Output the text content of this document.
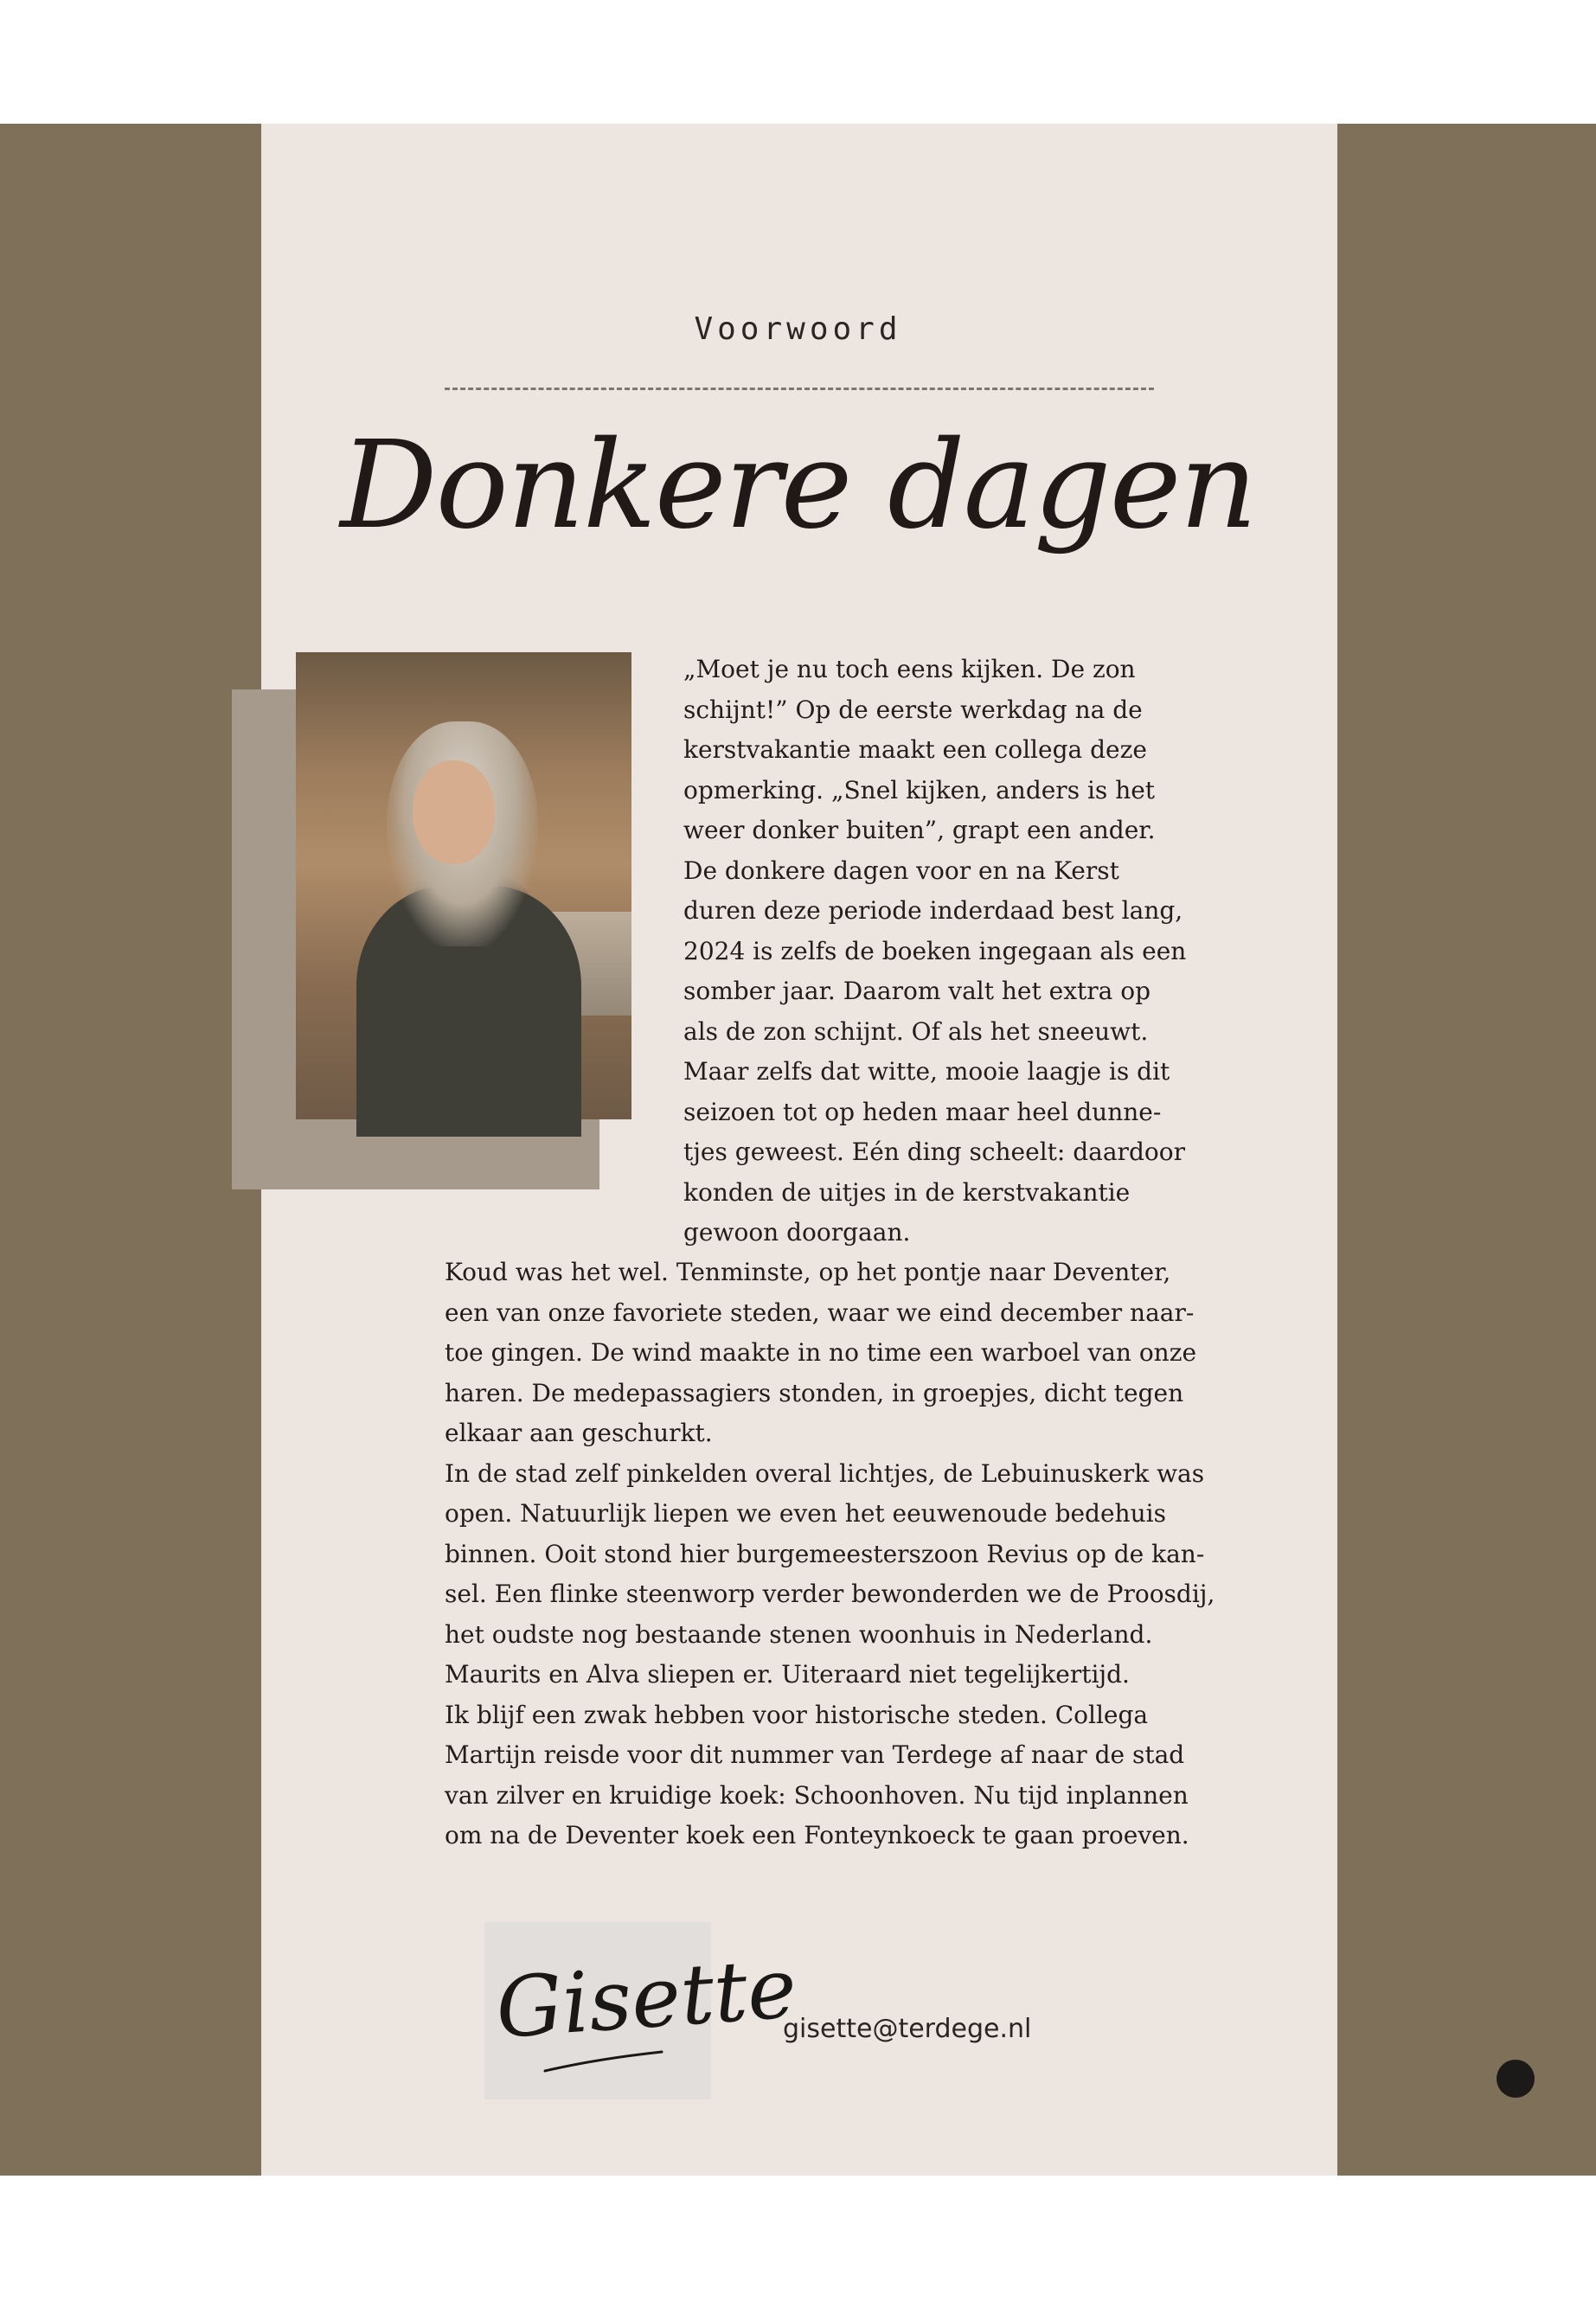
Voorwoord
Donkere dagen
„Moet je nu toch eens kijken. De zon
schijnt!” Op de eerste werkdag na de
kerstvakantie maakt een collega deze
opmerking. „Snel kijken, anders is het
weer donker buiten”, grapt een ander.
De donkere dagen voor en na Kerst
duren deze periode inderdaad best lang,
2024 is zelfs de boeken ingegaan als een
somber jaar. Daarom valt het extra op
als de zon schijnt. Of als het sneeuwt.
Maar zelfs dat witte, mooie laagje is dit
seizoen tot op heden maar heel dunne-
tjes geweest. Eén ding scheelt: daardoor
konden de uitjes in de kerstvakantie
gewoon doorgaan.
Koud was het wel. Tenminste, op het pontje naar Deventer,
een van onze favoriete steden, waar we eind december naar-
toe gingen. De wind maakte in no time een warboel van onze
haren. De medepassagiers stonden, in groepjes, dicht tegen
elkaar aan geschurkt.
In de stad zelf pinkelden overal lichtjes, de Lebuinuskerk was
open. Natuurlijk liepen we even het eeuwenoude bedehuis
binnen. Ooit stond hier burgemeesterszoon Revius op de kan-
sel. Een flinke steenworp verder bewonderden we de Proosdij,
het oudste nog bestaande stenen woonhuis in Nederland.
Maurits en Alva sliepen er. Uiteraard niet tegelijkertijd.
Ik blijf een zwak hebben voor historische steden. Collega
Martijn reisde voor dit nummer van Terdege af naar de stad
van zilver en kruidige koek: Schoonhoven. Nu tijd inplannen
om na de Deventer koek een Fonteynkoeck te gaan proeven.
Gisette
gisette@terdege.nl
